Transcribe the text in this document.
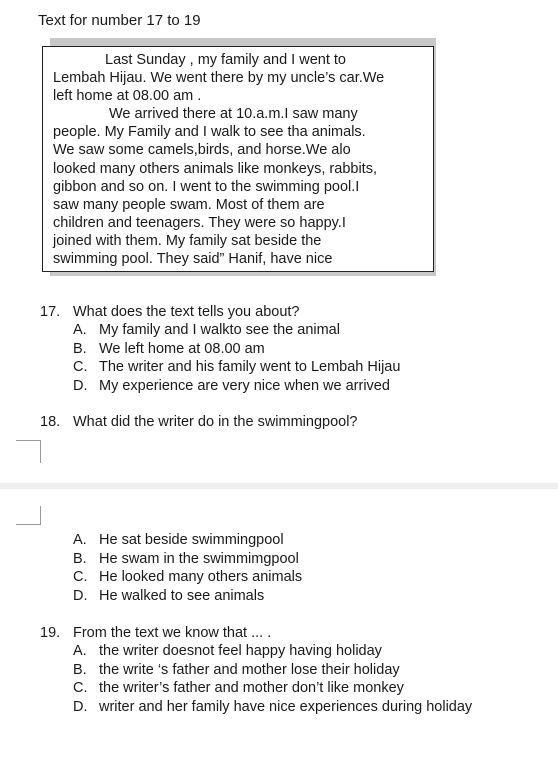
Text for number 17 to 19
Last Sunday , my family and I went to
Lembah Hijau. We went there by my uncle’s car.We
left home at 08.00 am .
We arrived there at 10.a.m.I saw many
people. My Family and I walk to see tha animals.
We saw some camels,birds, and horse.We alo
looked many others animals like monkeys, rabbits,
gibbon and so on. I went to the swimming pool.I
saw many people swam. Most of them are
children and teenagers. They were so happy.I
joined with them. My family sat beside the
swimming pool. They said” Hanif, have nice
17. What does the text tells you about?
A. My family and I walkto see the animal
B. We left home at 08.00 am
C. The writer and his family went to Lembah Hijau
D. My experience are very nice when we arrived
18. What did the writer do in the swimmingpool?
A. He sat beside swimmingpool
B. He swam in the swimmimgpool
C. He looked many others animals
D. He walked to see animals
19. From the text we know that ... .
A. the writer doesnot feel happy having holiday
B. the write ‘s father and mother lose their holiday
C. the writer’s father and mother don’t like monkey
D. writer and her family have nice experiences during holiday
